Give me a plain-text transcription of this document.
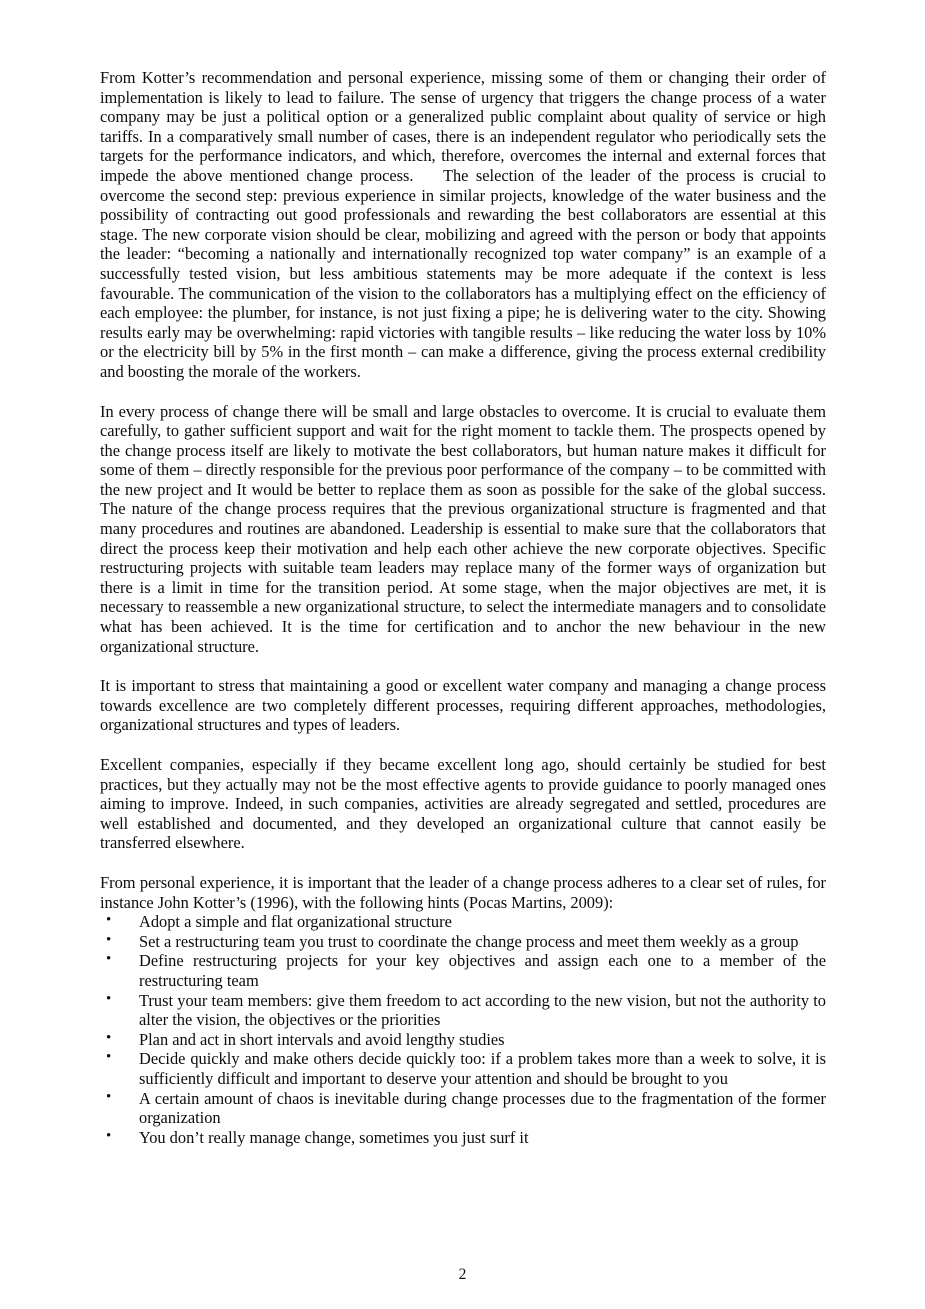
From Kotter’s recommendation and personal experience, missing some of them or changing their order of implementation is likely to lead to failure. The sense of urgency that triggers the change process of a water company may be just a political option or a generalized public complaint about quality of service or high tariffs. In a comparatively small number of cases, there is an independent regulator who periodically sets the targets for the performance indicators, and which, therefore, overcomes the internal and external forces that impede the above mentioned change process.    The selection of the leader of the process is crucial to overcome the second step: previous experience in similar projects, knowledge of the water business and the possibility of contracting out good professionals and rewarding the best collaborators are essential at this stage. The new corporate vision should be clear, mobilizing and agreed with the person or body that appoints the leader: “becoming a nationally and internationally recognized top water company” is an example of a successfully tested vision, but less ambitious statements may be more adequate if the context is less favourable. The communication of the vision to the collaborators has a multiplying effect on the efficiency of each employee: the plumber, for instance, is not just fixing a pipe; he is delivering water to the city. Showing results early may be overwhelming: rapid victories with tangible results – like reducing the water loss by 10% or the electricity bill by 5% in the first month – can make a difference, giving the process external credibility and boosting the morale of the workers.

In every process of change there will be small and large obstacles to overcome. It is crucial to evaluate them carefully, to gather sufficient support and wait for the right moment to tackle them. The prospects opened by the change process itself are likely to motivate the best collaborators, but human nature makes it difficult for some of them – directly responsible for the previous poor performance of the company – to be committed with the new project and It would be better to replace them as soon as possible for the sake of the global success. The nature of the change process requires that the previous organizational structure is fragmented and that many procedures and routines are abandoned. Leadership is essential to make sure that the collaborators that direct the process keep their motivation and help each other achieve the new corporate objectives. Specific restructuring projects with suitable team leaders may replace many of the former ways of organization but there is a limit in time for the transition period. At some stage, when the major objectives are met, it is necessary to reassemble a new organizational structure, to select the intermediate managers and to consolidate what has been achieved. It is the time for certification and to anchor the new behaviour in the new organizational structure.

It is important to stress that maintaining a good or excellent water company and managing a change process towards excellence are two completely different processes, requiring different approaches, methodologies, organizational structures and types of leaders.

Excellent companies, especially if they became excellent long ago, should certainly be studied for best practices, but they actually may not be the most effective agents to provide guidance to poorly managed ones aiming to improve. Indeed, in such companies, activities are already segregated and settled, procedures are well established and documented, and they developed an organizational culture that cannot easily be transferred elsewhere.

From personal experience, it is important that the leader of a change process adheres to a clear set of rules, for instance John Kotter’s (1996), with the following hints (Pocas Martins, 2009):

• Adopt a simple and flat organizational structure
• Set a restructuring team you trust to coordinate the change process and meet them weekly as a group
• Define restructuring projects for your key objectives and assign each one to a member of the restructuring team
• Trust your team members: give them freedom to act according to the new vision, but not the authority to alter the vision, the objectives or the priorities
• Plan and act in short intervals and avoid lengthy studies
• Decide quickly and make others decide quickly too: if a problem takes more than a week to solve, it is sufficiently difficult and important to deserve your attention and should be brought to you
• A certain amount of chaos is inevitable during change processes due to the fragmentation of the former organization
• You don’t really manage change, sometimes you just surf it
2
